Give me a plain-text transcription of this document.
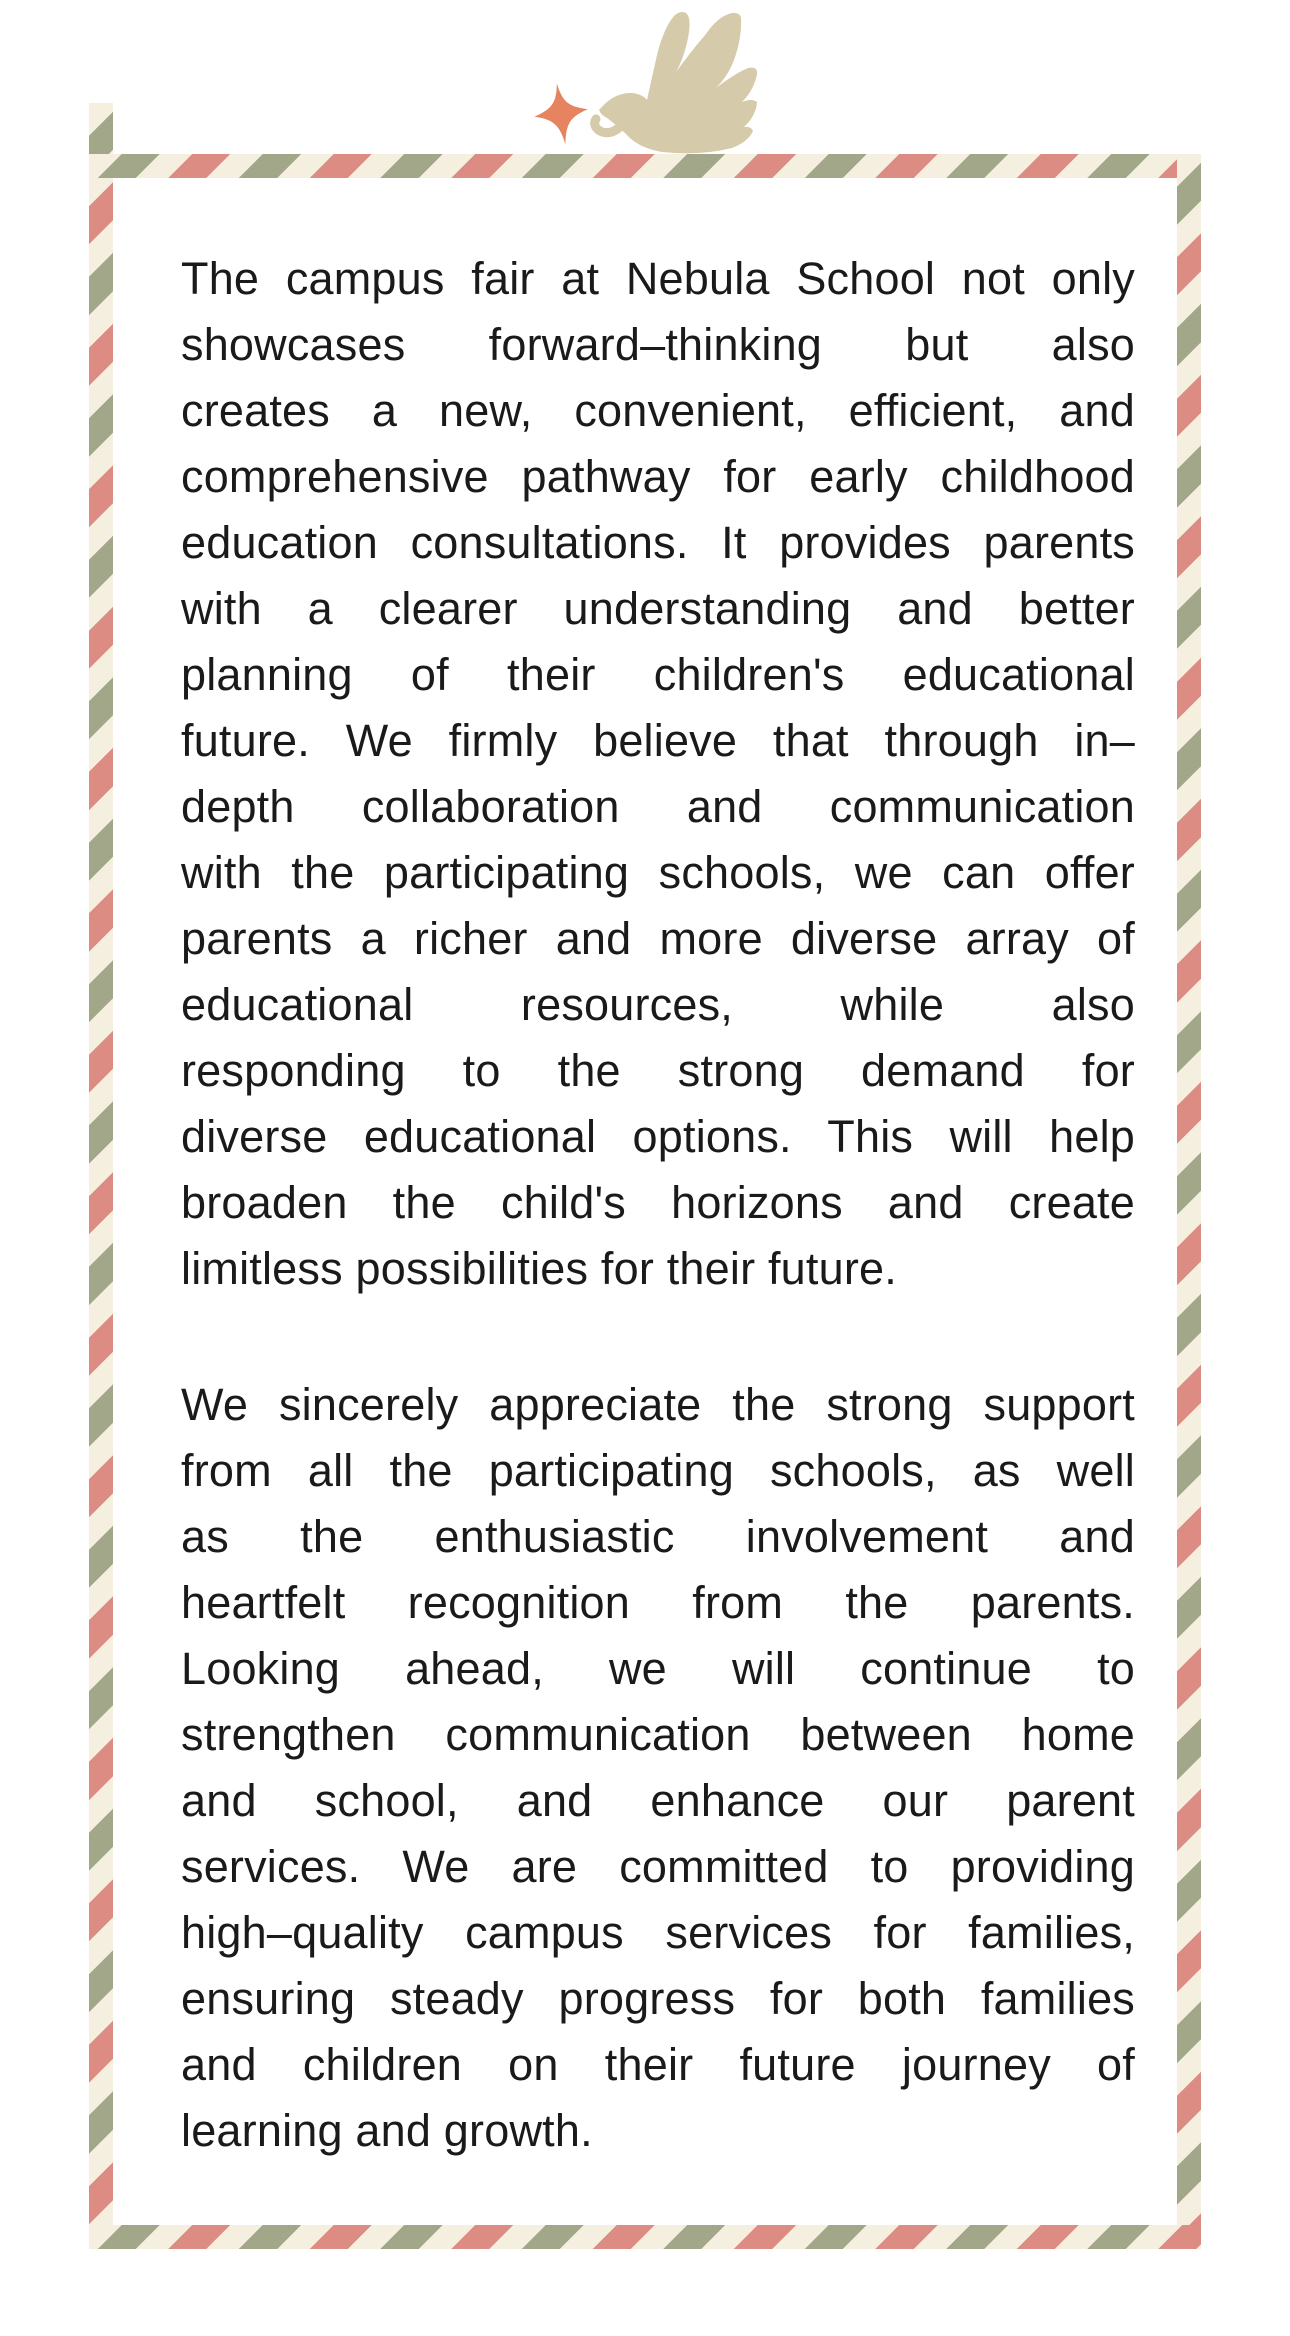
The campus fair at Nebula School not only
showcases forward–thinking but also
creates a new, convenient, efficient, and
comprehensive pathway for early childhood
education consultations. It provides parents
with a clearer understanding and better
planning of their children's educational
future. We firmly believe that through in–
depth collaboration and communication
with the participating schools, we can offer
parents a richer and more diverse array of
educational resources, while also
responding to the strong demand for
diverse educational options. This will help
broaden the child's horizons and create
limitless possibilities for their future.
We sincerely appreciate the strong support
from all the participating schools, as well
as the enthusiastic involvement and
heartfelt recognition from the parents.
Looking ahead, we will continue to
strengthen communication between home
and school, and enhance our parent
services. We are committed to providing
high–quality campus services for families,
ensuring steady progress for both families
and children on their future journey of
learning and growth.
